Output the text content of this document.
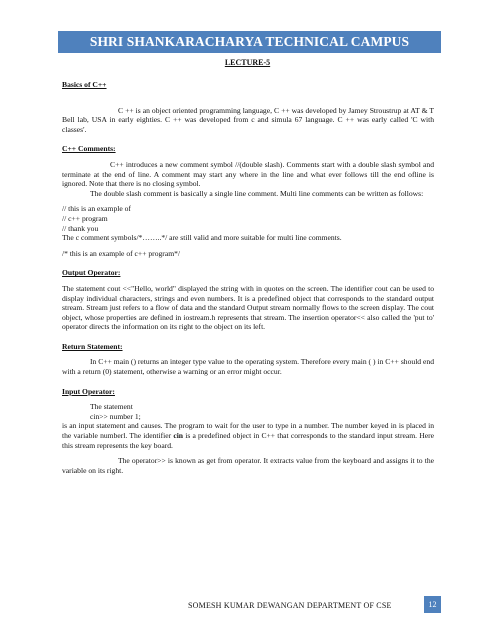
SHRI SHANKARACHARYA TECHNICAL CAMPUS
LECTURE-5

Basics of C++

C ++ is an object oriented programming language, C ++ was developed by Jamey Stroustrup at AT & T Bell lab, USA in early eighties. C ++ was developed from c and simula 67 language. C ++ was early called 'C with classes'.

C++ Comments:

C++ introduces a new comment symbol //(double slash). Comments start with a double slash symbol and terminate at the end of line. A comment may start any where in the line and what ever follows till the end ofline is ignored. Note that there is no closing symbol.

The double slash comment is basically a single line comment. Multi line comments can be written as follows:

// this is an example of

// c++ program

// thank you

The c comment symbols/*……..*/ are still valid and more suitable for multi line comments.

/* this is an example of c++ program*/

Output Operator:

The statement cout <<"Hello, world" displayed the string with in quotes on the screen. The identifier cout can be used to display individual characters, strings and even numbers. It is a predefined object that corresponds to the standard output stream. Stream just refers to a flow of data and the standard Output stream normally flows to the screen display. The cout object, whose properties are defined in iostream.h represents that stream. The insertion operator<< also called the 'put to' operator directs the information on its right to the object on its left.

Return Statement:

In C++ main () returns an integer type value to the operating system. Therefore every main ( ) in C++ should end with a return (0) statement, otherwise a warning or an error might occur.

Input Operator:

The statement

cin>> number 1;

is an input statement and causes. The program to wait for the user to type in a number. The number keyed in is placed in the variable numberl. The identifier cin is a predefined object in C++ that corresponds to the standard input stream. Here this stream represents the key board.

The operator>> is known as get from operator. It extracts value from the keyboard and assigns it to the variable on its right.

SOMESH KUMAR DEWANGAN DEPARTMENT OF CSE	12
